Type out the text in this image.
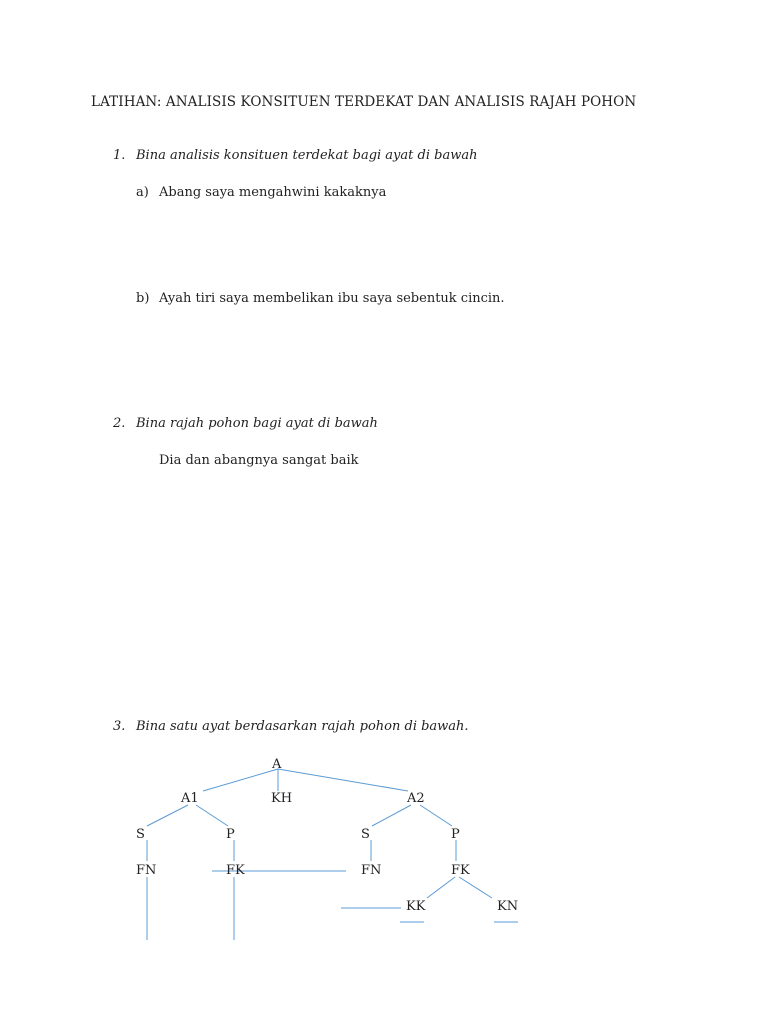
LATIHAN: ANALISIS KONSITUEN TERDEKAT DAN ANALISIS RAJAH POHON
1. Bina analisis konsituen terdekat bagi ayat di bawah
a) Abang saya mengahwini kakaknya
b) Ayah tiri saya membelikan ibu saya sebentuk cincin.
2. Bina rajah pohon bagi ayat di bawah
Dia dan abangnya sangat baik
3. Bina satu ayat berdasarkan rajah pohon di bawah.
A
A1	KH	A2
S	P	S	P
FN	FK	FN	FK
KK	KN
